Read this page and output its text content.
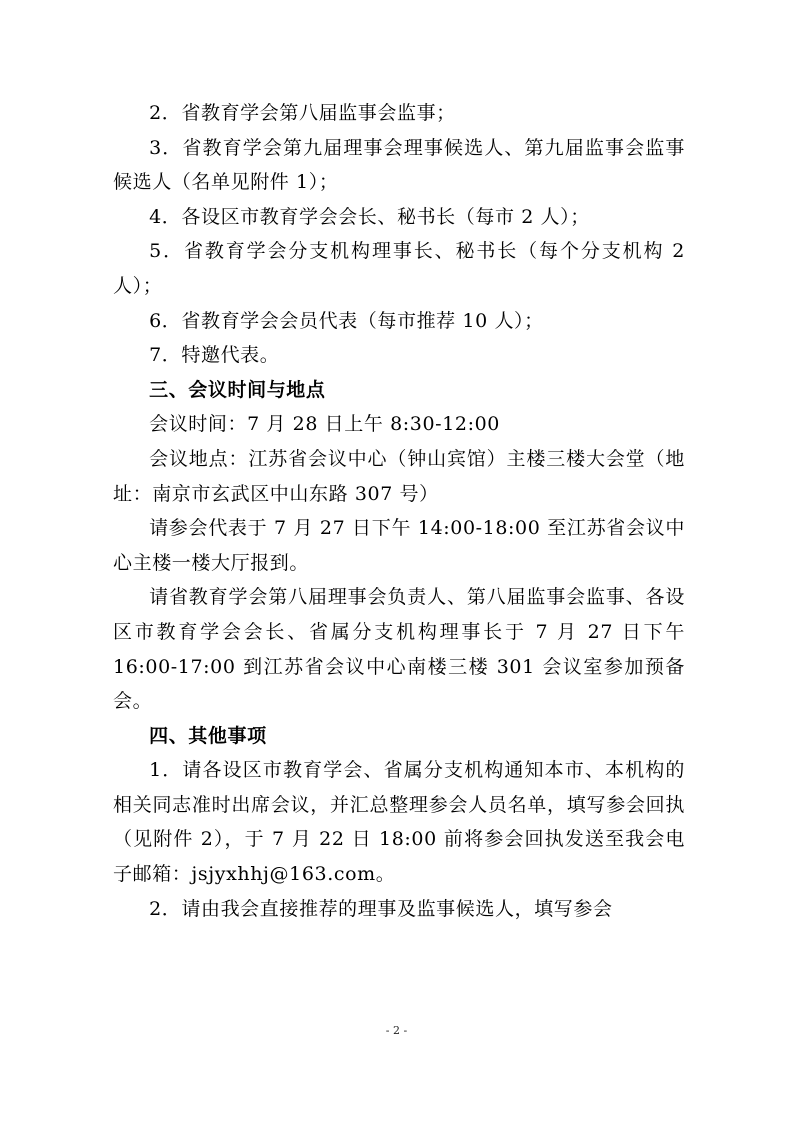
2．省教育学会第八届监事会监事；

3．省教育学会第九届理事会理事候选人、第九届监事会监事候选人（名单见附件 1）；

4．各设区市教育学会会长、秘书长（每市 2 人）；

5．省教育学会分支机构理事长、秘书长（每个分支机构 2 人）；

6．省教育学会会员代表（每市推荐 10 人）；

7．特邀代表。

三、会议时间与地点

会议时间：7 月 28 日上午 8:30-12:00

会议地点：江苏省会议中心（钟山宾馆）主楼三楼大会堂（地址：南京市玄武区中山东路 307 号）

请参会代表于 7 月 27 日下午 14:00-18:00 至江苏省会议中心主楼一楼大厅报到。

请省教育学会第八届理事会负责人、第八届监事会监事、各设区市教育学会会长、省属分支机构理事长于 7 月 27 日下午 16:00-17:00 到江苏省会议中心南楼三楼 301 会议室参加预备会。

四、其他事项

1．请各设区市教育学会、省属分支机构通知本市、本机构的相关同志准时出席会议，并汇总整理参会人员名单，填写参会回执（见附件 2），于 7 月 22 日 18:00 前将参会回执发送至我会电子邮箱：jsjyxhhj@163.com。

2．请由我会直接推荐的理事及监事候选人，填写参会

- 2 -
